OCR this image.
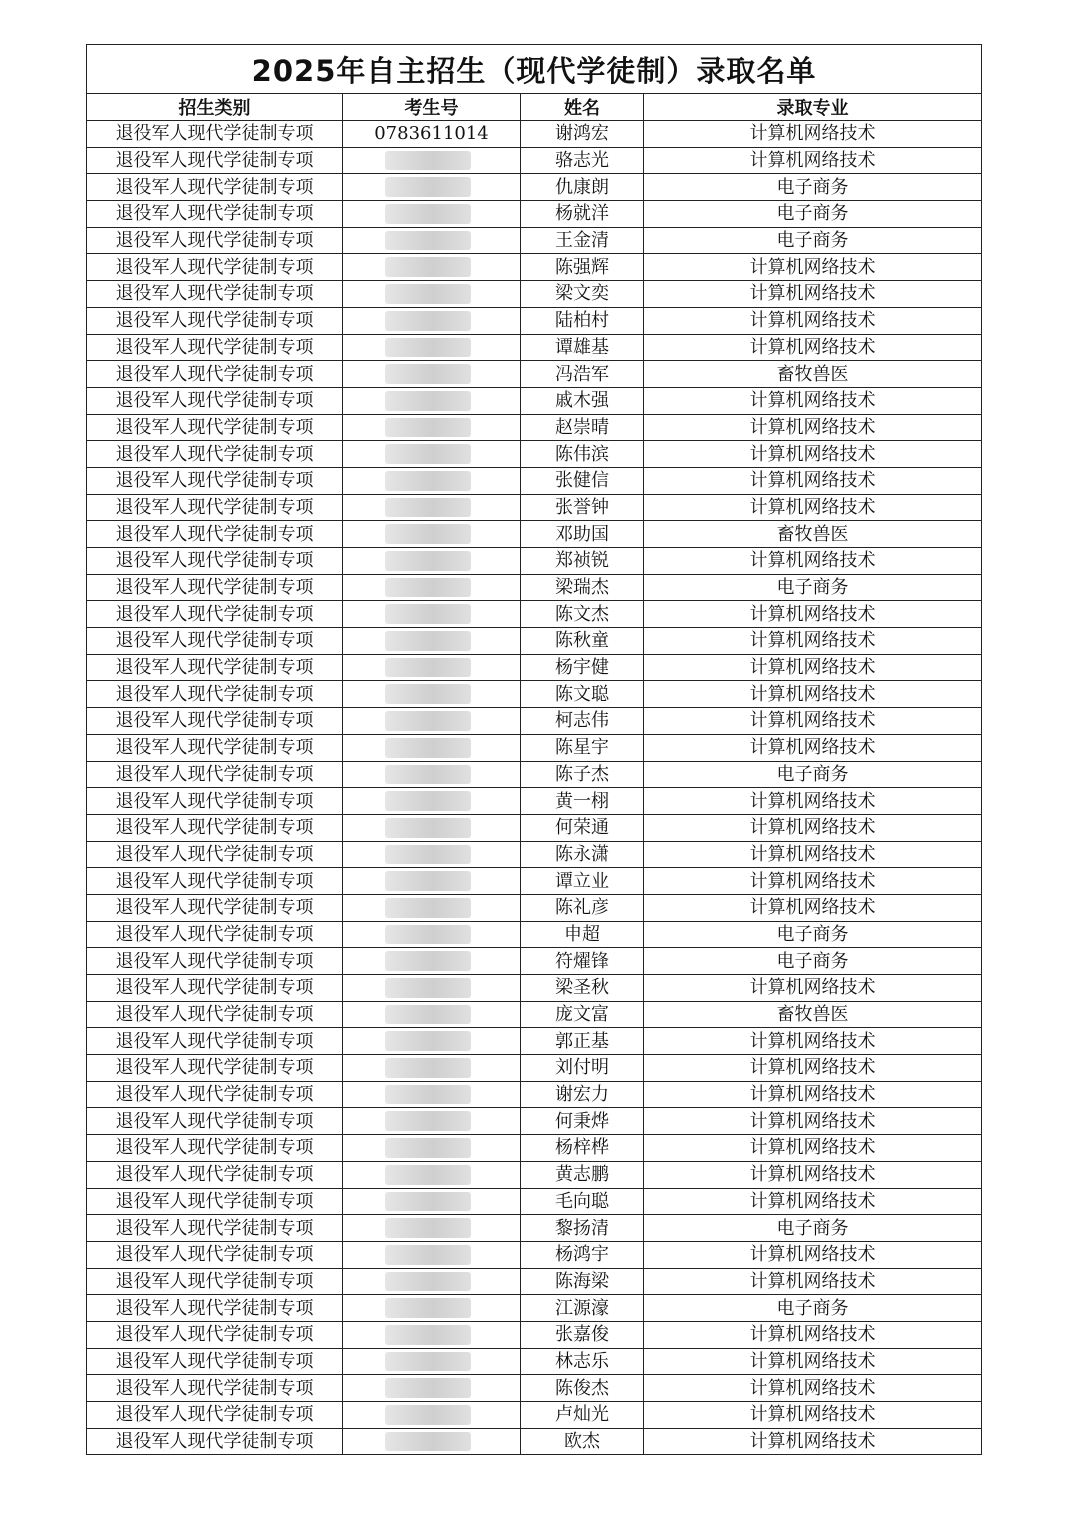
2025年自主招生（现代学徒制）录取名单			
招生类别	考生号	姓名	录取专业
退役军人现代学徒制专项	0783611014	谢鸿宏	计算机网络技术
退役军人现代学徒制专项		骆志光	计算机网络技术
退役军人现代学徒制专项		仇康朗	电子商务
退役军人现代学徒制专项		杨就洋	电子商务
退役军人现代学徒制专项		王金清	电子商务
退役军人现代学徒制专项		陈强辉	计算机网络技术
退役军人现代学徒制专项		梁文奕	计算机网络技术
退役军人现代学徒制专项		陆柏村	计算机网络技术
退役军人现代学徒制专项		谭雄基	计算机网络技术
退役军人现代学徒制专项		冯浩军	畜牧兽医
退役军人现代学徒制专项		戚木强	计算机网络技术
退役军人现代学徒制专项		赵崇晴	计算机网络技术
退役军人现代学徒制专项		陈伟滨	计算机网络技术
退役军人现代学徒制专项		张健信	计算机网络技术
退役军人现代学徒制专项		张誉钟	计算机网络技术
退役军人现代学徒制专项		邓助国	畜牧兽医
退役军人现代学徒制专项		郑祯锐	计算机网络技术
退役军人现代学徒制专项		梁瑞杰	电子商务
退役军人现代学徒制专项		陈文杰	计算机网络技术
退役军人现代学徒制专项		陈秋童	计算机网络技术
退役军人现代学徒制专项		杨宇健	计算机网络技术
退役军人现代学徒制专项		陈文聪	计算机网络技术
退役军人现代学徒制专项		柯志伟	计算机网络技术
退役军人现代学徒制专项		陈星宇	计算机网络技术
退役军人现代学徒制专项		陈子杰	电子商务
退役军人现代学徒制专项		黄一栩	计算机网络技术
退役军人现代学徒制专项		何荣通	计算机网络技术
退役军人现代学徒制专项		陈永潇	计算机网络技术
退役军人现代学徒制专项		谭立业	计算机网络技术
退役军人现代学徒制专项		陈礼彦	计算机网络技术
退役军人现代学徒制专项		申超	电子商务
退役军人现代学徒制专项		符燿锋	电子商务
退役军人现代学徒制专项		梁圣秋	计算机网络技术
退役军人现代学徒制专项		庞文富	畜牧兽医
退役军人现代学徒制专项		郭正基	计算机网络技术
退役军人现代学徒制专项		刘付明	计算机网络技术
退役军人现代学徒制专项		谢宏力	计算机网络技术
退役军人现代学徒制专项		何秉烨	计算机网络技术
退役军人现代学徒制专项		杨梓桦	计算机网络技术
退役军人现代学徒制专项		黄志鹏	计算机网络技术
退役军人现代学徒制专项		毛向聪	计算机网络技术
退役军人现代学徒制专项		黎扬清	电子商务
退役军人现代学徒制专项		杨鸿宇	计算机网络技术
退役军人现代学徒制专项		陈海梁	计算机网络技术
退役军人现代学徒制专项		江源濠	电子商务
退役军人现代学徒制专项		张嘉俊	计算机网络技术
退役军人现代学徒制专项		林志乐	计算机网络技术
退役军人现代学徒制专项		陈俊杰	计算机网络技术
退役军人现代学徒制专项		卢灿光	计算机网络技术
退役军人现代学徒制专项		欧杰	计算机网络技术
